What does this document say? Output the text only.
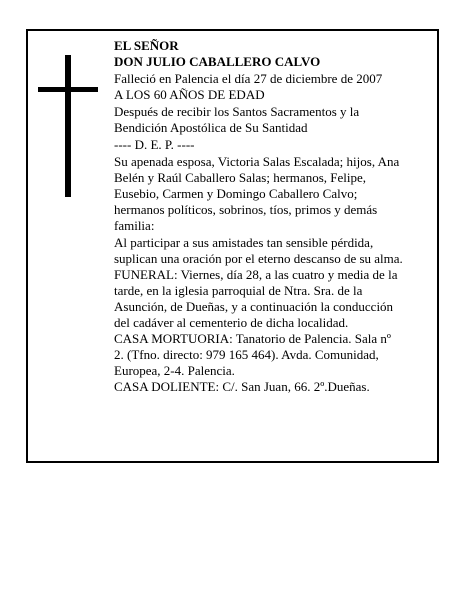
EL SEÑOR
DON JULIO CABALLERO CALVO
Falleció en Palencia el día 27 de diciembre de 2007
A LOS 60 AÑOS DE EDAD
Después de recibir los Santos Sacramentos y la
Bendición Apostólica de Su Santidad
---- D. E. P. ----
Su apenada esposa, Victoria Salas Escalada; hijos, Ana
Belén y Raúl Caballero Salas; hermanos, Felipe,
Eusebio, Carmen y Domingo Caballero Calvo;
hermanos políticos, sobrinos, tíos, primos y demás
familia:
Al participar a sus amistades tan sensible pérdida,
suplican una oración por el eterno descanso de su alma.
FUNERAL: Viernes, día 28, a las cuatro y media de la
tarde, en la iglesia parroquial de Ntra. Sra. de la
Asunción, de Dueñas, y a continuación la conducción
del cadáver al cementerio de dicha localidad.
CASA MORTUORIA: Tanatorio de Palencia. Sala nº
2. (Tfno. directo: 979 165 464). Avda. Comunidad,
Europea, 2-4. Palencia.
CASA DOLIENTE: C/. San Juan, 66. 2º.Dueñas.
